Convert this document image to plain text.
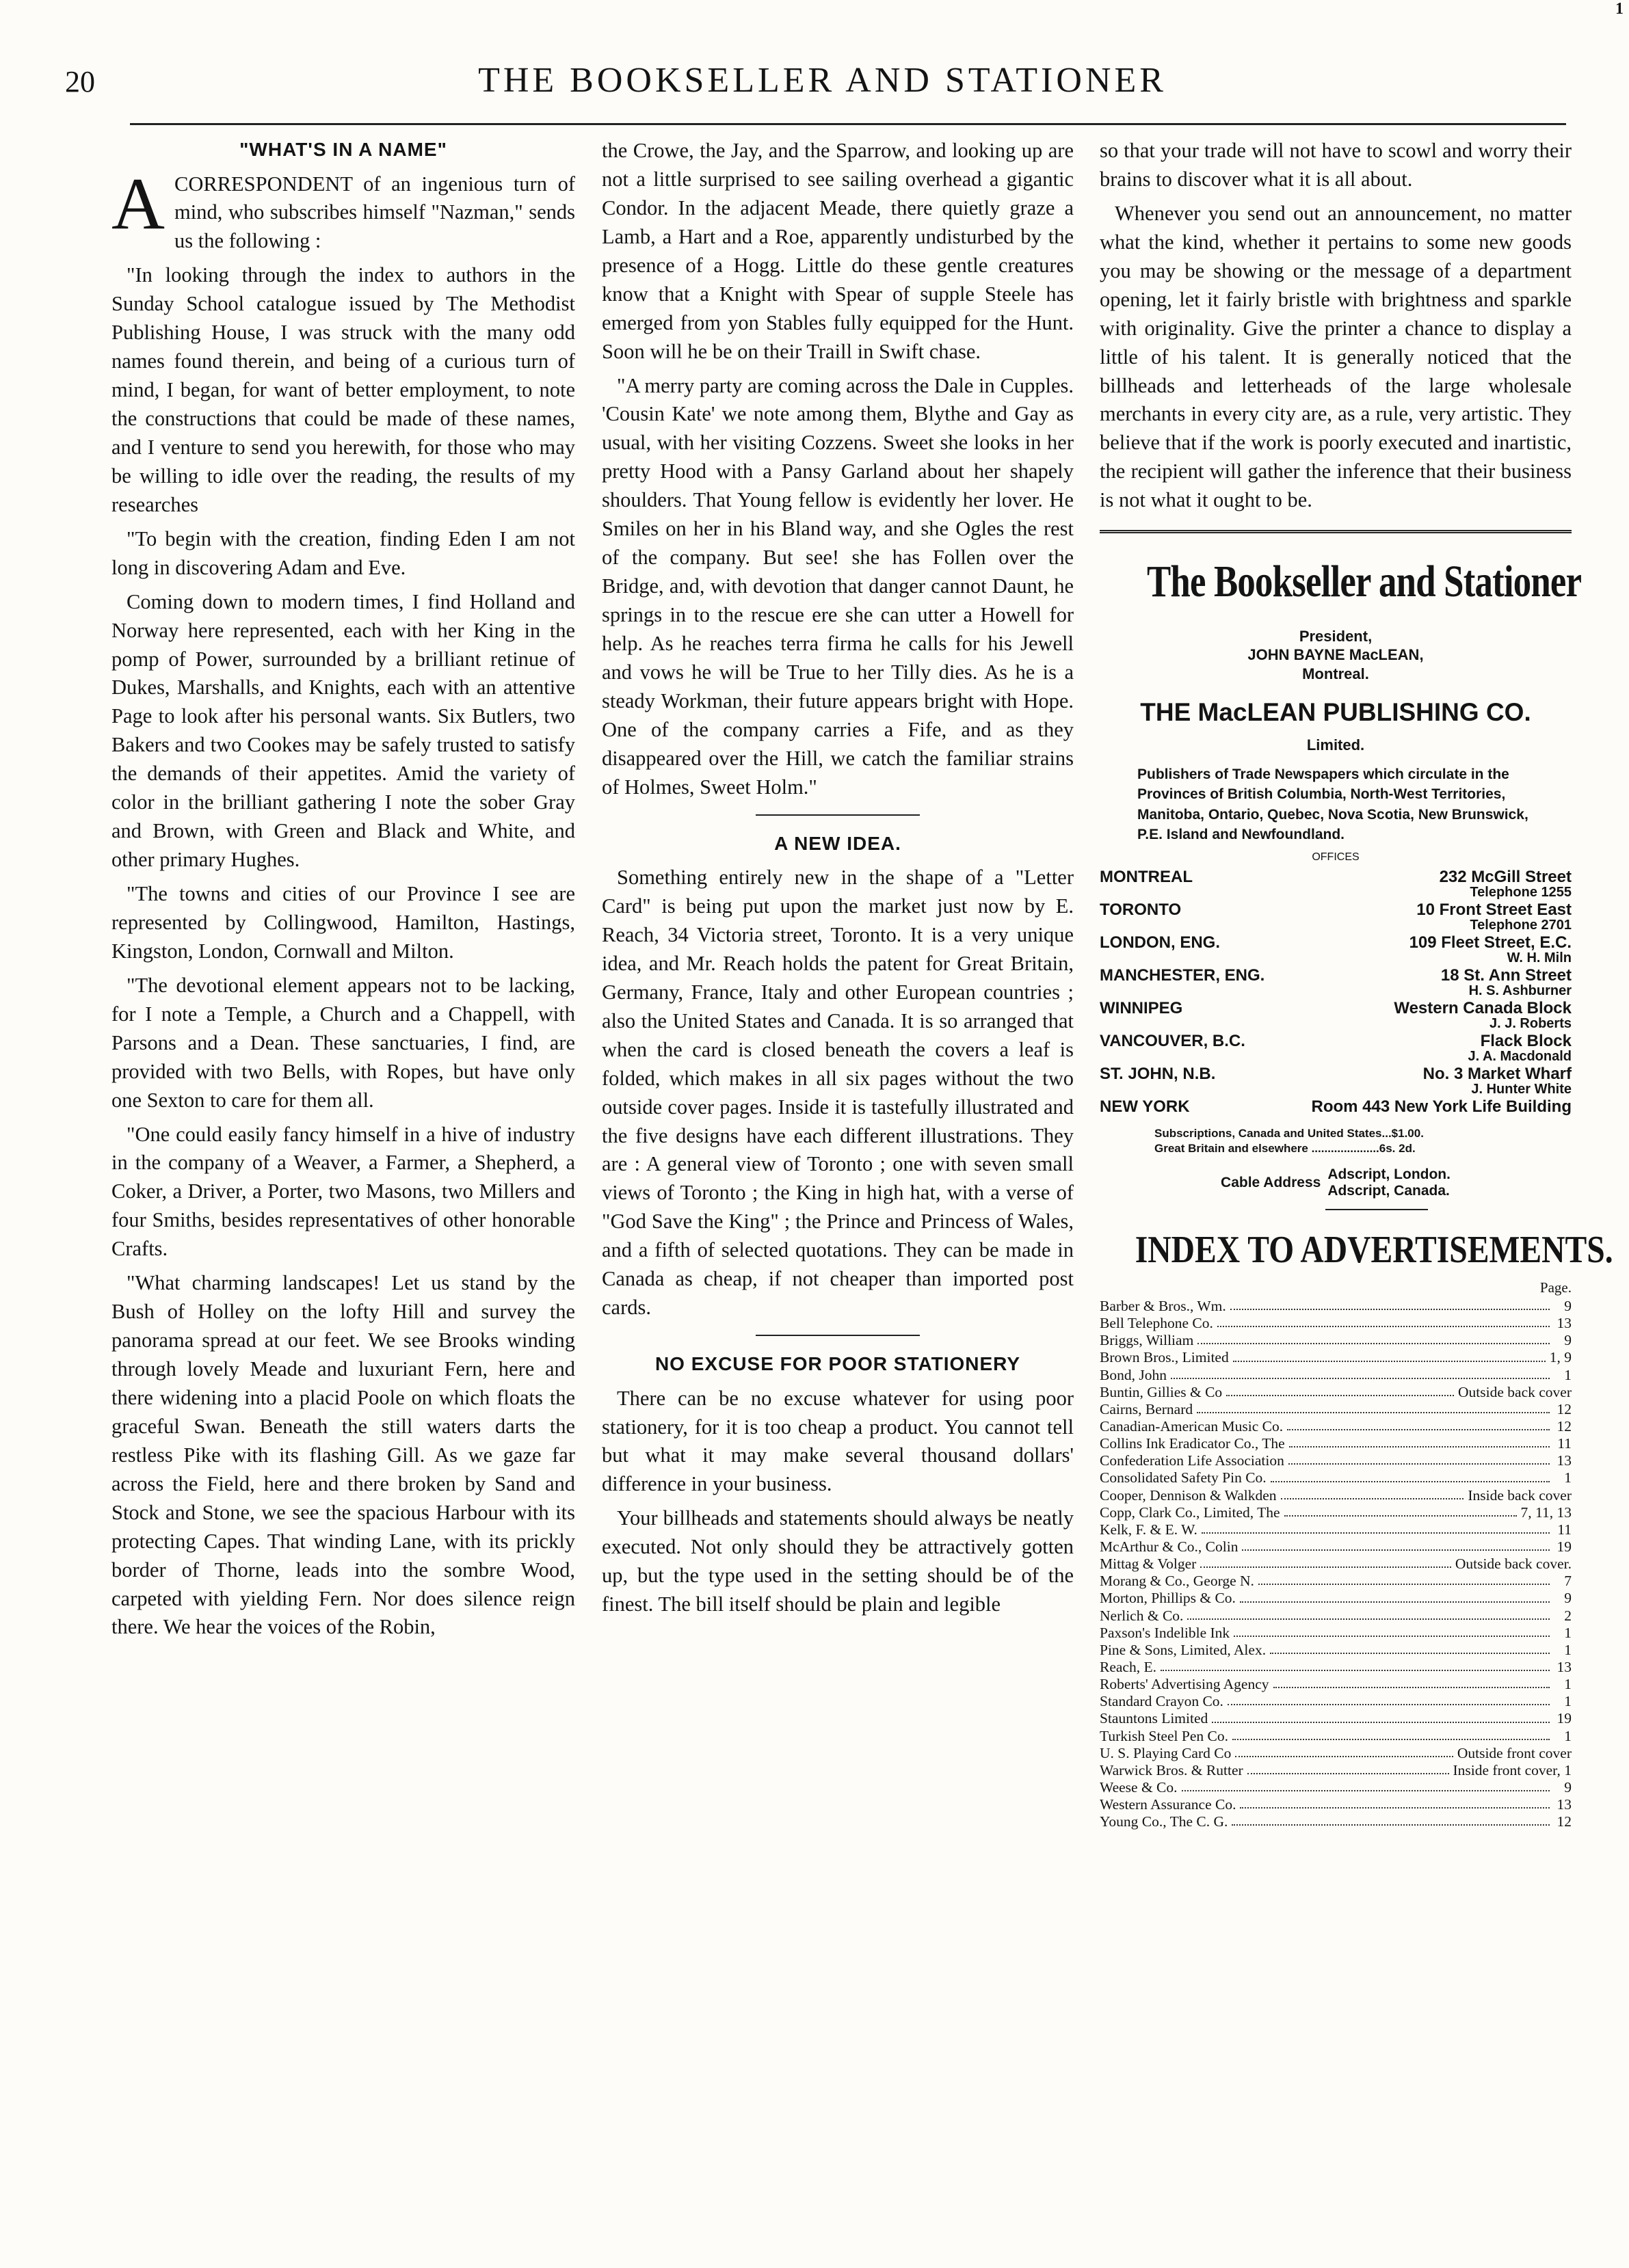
1
20	THE BOOKSELLER AND STATIONER
"WHAT'S IN A NAME"

ACORRESPONDENT of an ingenious turn of mind, who subscribes himself "Nazman," sends us the following :

"In looking through the index to authors in the Sunday School catalogue issued by The Methodist Publishing House, I was struck with the many odd names found therein, and being of a curious turn of mind, I began, for want of better employment, to note the constructions that could be made of these names, and I venture to send you herewith, for those who may be willing to idle over the reading, the results of my researches

"To begin with the creation, finding Eden I am not long in discovering Adam and Eve.

Coming down to modern times, I find Holland and Norway here represented, each with her King in the pomp of Power, surrounded by a brilliant retinue of Dukes, Marshalls, and Knights, each with an attentive Page to look after his personal wants. Six Butlers, two Bakers and two Cookes may be safely trusted to satisfy the demands of their appetites. Amid the variety of color in the brilliant gathering I note the sober Gray and Brown, with Green and Black and White, and other primary Hughes.

"The towns and cities of our Province I see are represented by Collingwood, Hamilton, Hastings, Kingston, London, Cornwall and Milton.

"The devotional element appears not to be lacking, for I note a Temple, a Church and a Chappell, with Parsons and a Dean. These sanctuaries, I find, are provided with two Bells, with Ropes, but have only one Sexton to care for them all.

"One could easily fancy himself in a hive of industry in the company of a Weaver, a Farmer, a Shepherd, a Coker, a Driver, a Porter, two Masons, two Millers and four Smiths, besides representatives of other honorable Crafts.

"What charming landscapes! Let us stand by the Bush of Holley on the lofty Hill and survey the panorama spread at our feet. We see Brooks winding through lovely Meade and luxuriant Fern, here and there widening into a placid Poole on which floats the graceful Swan. Beneath the still waters darts the restless Pike with its flashing Gill. As we gaze far across the Field, here and there broken by Sand and Stock and Stone, we see the spacious Harbour with its protecting Capes. That winding Lane, with its prickly border of Thorne, leads into the sombre Wood, carpeted with yielding Fern. Nor does silence reign there. We hear the voices of the Robin,

the Crowe, the Jay, and the Sparrow, and looking up are not a little surprised to see sailing overhead a gigantic Condor. In the adjacent Meade, there quietly graze a Lamb, a Hart and a Roe, apparently undisturbed by the presence of a Hogg. Little do these gentle creatures know that a Knight with Spear of supple Steele has emerged from yon Stables fully equipped for the Hunt. Soon will he be on their Traill in Swift chase.

"A merry party are coming across the Dale in Cupples. 'Cousin Kate' we note among them, Blythe and Gay as usual, with her visiting Cozzens. Sweet she looks in her pretty Hood with a Pansy Garland about her shapely shoulders. That Young fellow is evidently her lover. He Smiles on her in his Bland way, and she Ogles the rest of the company. But see! she has Follen over the Bridge, and, with devotion that danger cannot Daunt, he springs in to the rescue ere she can utter a Howell for help. As he reaches terra firma he calls for his Jewell and vows he will be True to her Tilly dies. As he is a steady Workman, their future appears bright with Hope. One of the company carries a Fife, and as they disappeared over the Hill, we catch the familiar strains of Holmes, Sweet Holm."

A NEW IDEA.

Something entirely new in the shape of a "Letter Card" is being put upon the market just now by E. Reach, 34 Victoria street, Toronto. It is a very unique idea, and Mr. Reach holds the patent for Great Britain, Germany, France, Italy and other European countries ; also the United States and Canada. It is so arranged that when the card is closed beneath the covers a leaf is folded, which makes in all six pages without the two outside cover pages. Inside it is tastefully illustrated and the five designs have each different illustrations. They are : A general view of Toronto ; one with seven small views of Toronto ; the King in high hat, with a verse of "God Save the King" ; the Prince and Princess of Wales, and a fifth of selected quotations. They can be made in Canada as cheap, if not cheaper than imported post cards.

NO EXCUSE FOR POOR STATIONERY

There can be no excuse whatever for using poor stationery, for it is too cheap a product. You cannot tell but what it may make several thousand dollars' difference in your business.

Your billheads and statements should always be neatly executed. Not only should they be attractively gotten up, but the type used in the setting should be of the finest. The bill itself should be plain and legible

so that your trade will not have to scowl and worry their brains to discover what it is all about.

Whenever you send out an announcement, no matter what the kind, whether it pertains to some new goods you may be showing or the message of a department opening, let it fairly bristle with brightness and sparkle with originality. Give the printer a chance to display a little of his talent. It is generally noticed that the billheads and letterheads of the large wholesale merchants in every city are, as a rule, very artistic. They believe that if the work is poorly executed and inartistic, the recipient will gather the inference that their business is not what it ought to be.

The Bookseller and Stationer
President,
JOHN BAYNE MacLEAN,
Montreal.
THE MacLEAN PUBLISHING CO.
Limited.
Publishers of Trade Newspapers which circulate in the Provinces of British Columbia, North-West Territories, Manitoba, Ontario, Quebec, Nova Scotia, New Brunswick, P.E. Island and Newfoundland.
OFFICES
MONTREAL	232 McGill Street
Telephone 1255
TORONTO	10 Front Street East
Telephone 2701
LONDON, ENG.	109 Fleet Street, E.C.
W. H. Miln
MANCHESTER, ENG.	18 St. Ann Street
H. S. Ashburner
WINNIPEG	Western Canada Block
J. J. Roberts
VANCOUVER, B.C.	Flack Block
J. A. Macdonald
ST. JOHN, N.B.	No. 3 Market Wharf
J. Hunter White
NEW YORK	Room 443 New York Life Building
Subscriptions, Canada and United States...$1.00.
Great Britain and elsewhere .....................6s. 2d.
Cable Address
Adscript, London.
Adscript, Canada.
INDEX TO ADVERTISEMENTS.
Page.
Barber & Bros., Wm.	9
Bell Telephone Co.	13
Briggs, William	9
Brown Bros., Limited	1, 9
Bond, John	1
Buntin, Gillies & Co	Outside back cover
Cairns, Bernard	12
Canadian-American Music Co.	12
Collins Ink Eradicator Co., The	11
Confederation Life Association	13
Consolidated Safety Pin Co.	1
Cooper, Dennison & Walkden	Inside back cover
Copp, Clark Co., Limited, The	7, 11, 13
Kelk, F. & E. W.	11
McArthur & Co., Colin	19
Mittag & Volger	Outside back cover.
Morang & Co., George N.	7
Morton, Phillips & Co.	9
Nerlich & Co.	2
Paxson's Indelible Ink	1
Pine & Sons, Limited, Alex.	1
Reach, E.	13
Roberts' Advertising Agency	1
Standard Crayon Co.	1
Stauntons Limited	19
Turkish Steel Pen Co.	1
U. S. Playing Card Co	Outside front cover
Warwick Bros. & Rutter	Inside front cover, 1
Weese & Co.	9
Western Assurance Co.	13
Young Co., The C. G.	12
